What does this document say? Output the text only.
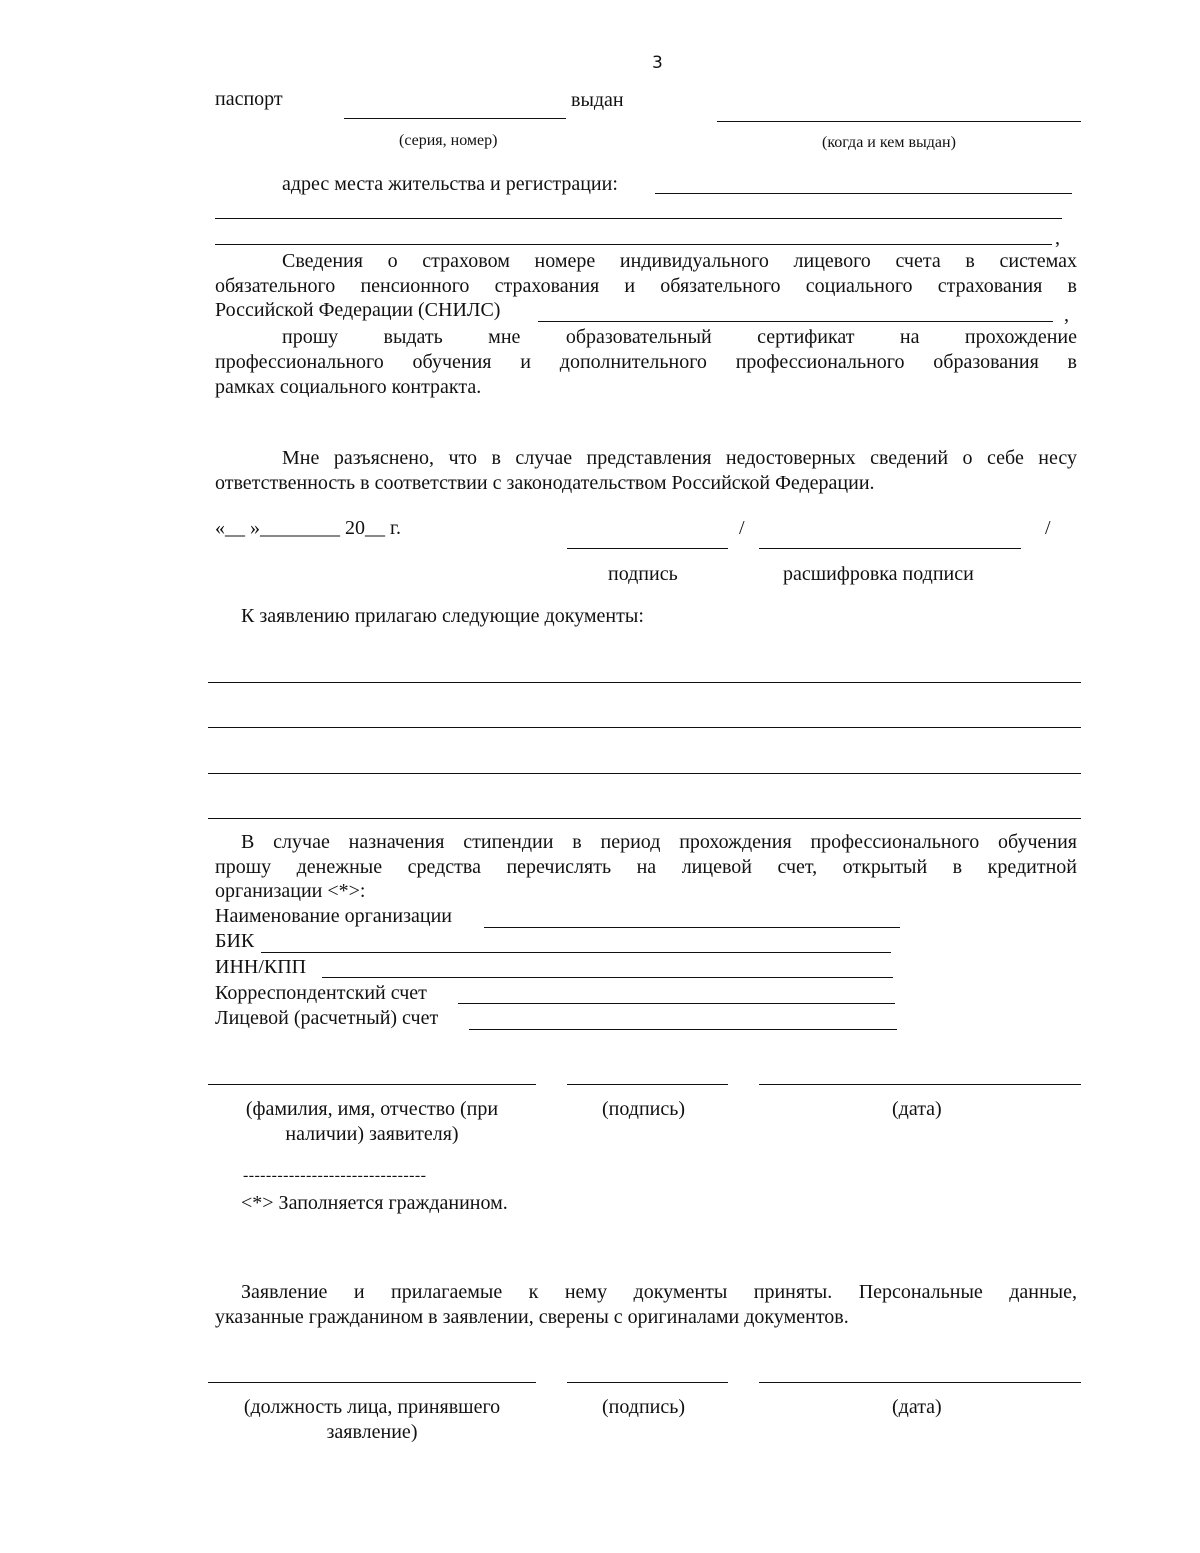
3
паспорт	выдан
(серия, номер)	(когда и кем выдан)
адрес места жительства и регистрации:
,
Сведения о страховом номере индивидуального лицевого счета в системах
обязательного пенсионного страхования и обязательного социального страхования в
Российской Федерации (СНИЛС)	,
прошу выдать мне образовательный сертификат на прохождение
профессионального обучения и дополнительного профессионального образования в
рамках социального контракта.
Мне разъяснено, что в случае представления недостоверных сведений о себе несу
ответственность в соответствии с законодательством Российской Федерации.
«__ »________ 20__ г.	/	/
подпись	расшифровка подписи
К заявлению прилагаю следующие документы:
В случае назначения стипендии в период прохождения профессионального обучения
прошу денежные средства перечислять на лицевой счет, открытый в кредитной
организации <*>:
Наименование организации
БИК
ИНН/КПП
Корреспондентский счет
Лицевой (расчетный) счет
(фамилия, имя, отчество (при
наличии) заявителя)
(подпись)	(дата)
--------------------------------
<*> Заполняется гражданином.
Заявление и прилагаемые к нему документы приняты. Персональные данные,
указанные гражданином в заявлении, сверены с оригиналами документов.
(должность лица, принявшего
заявление)
(подпись)	(дата)
